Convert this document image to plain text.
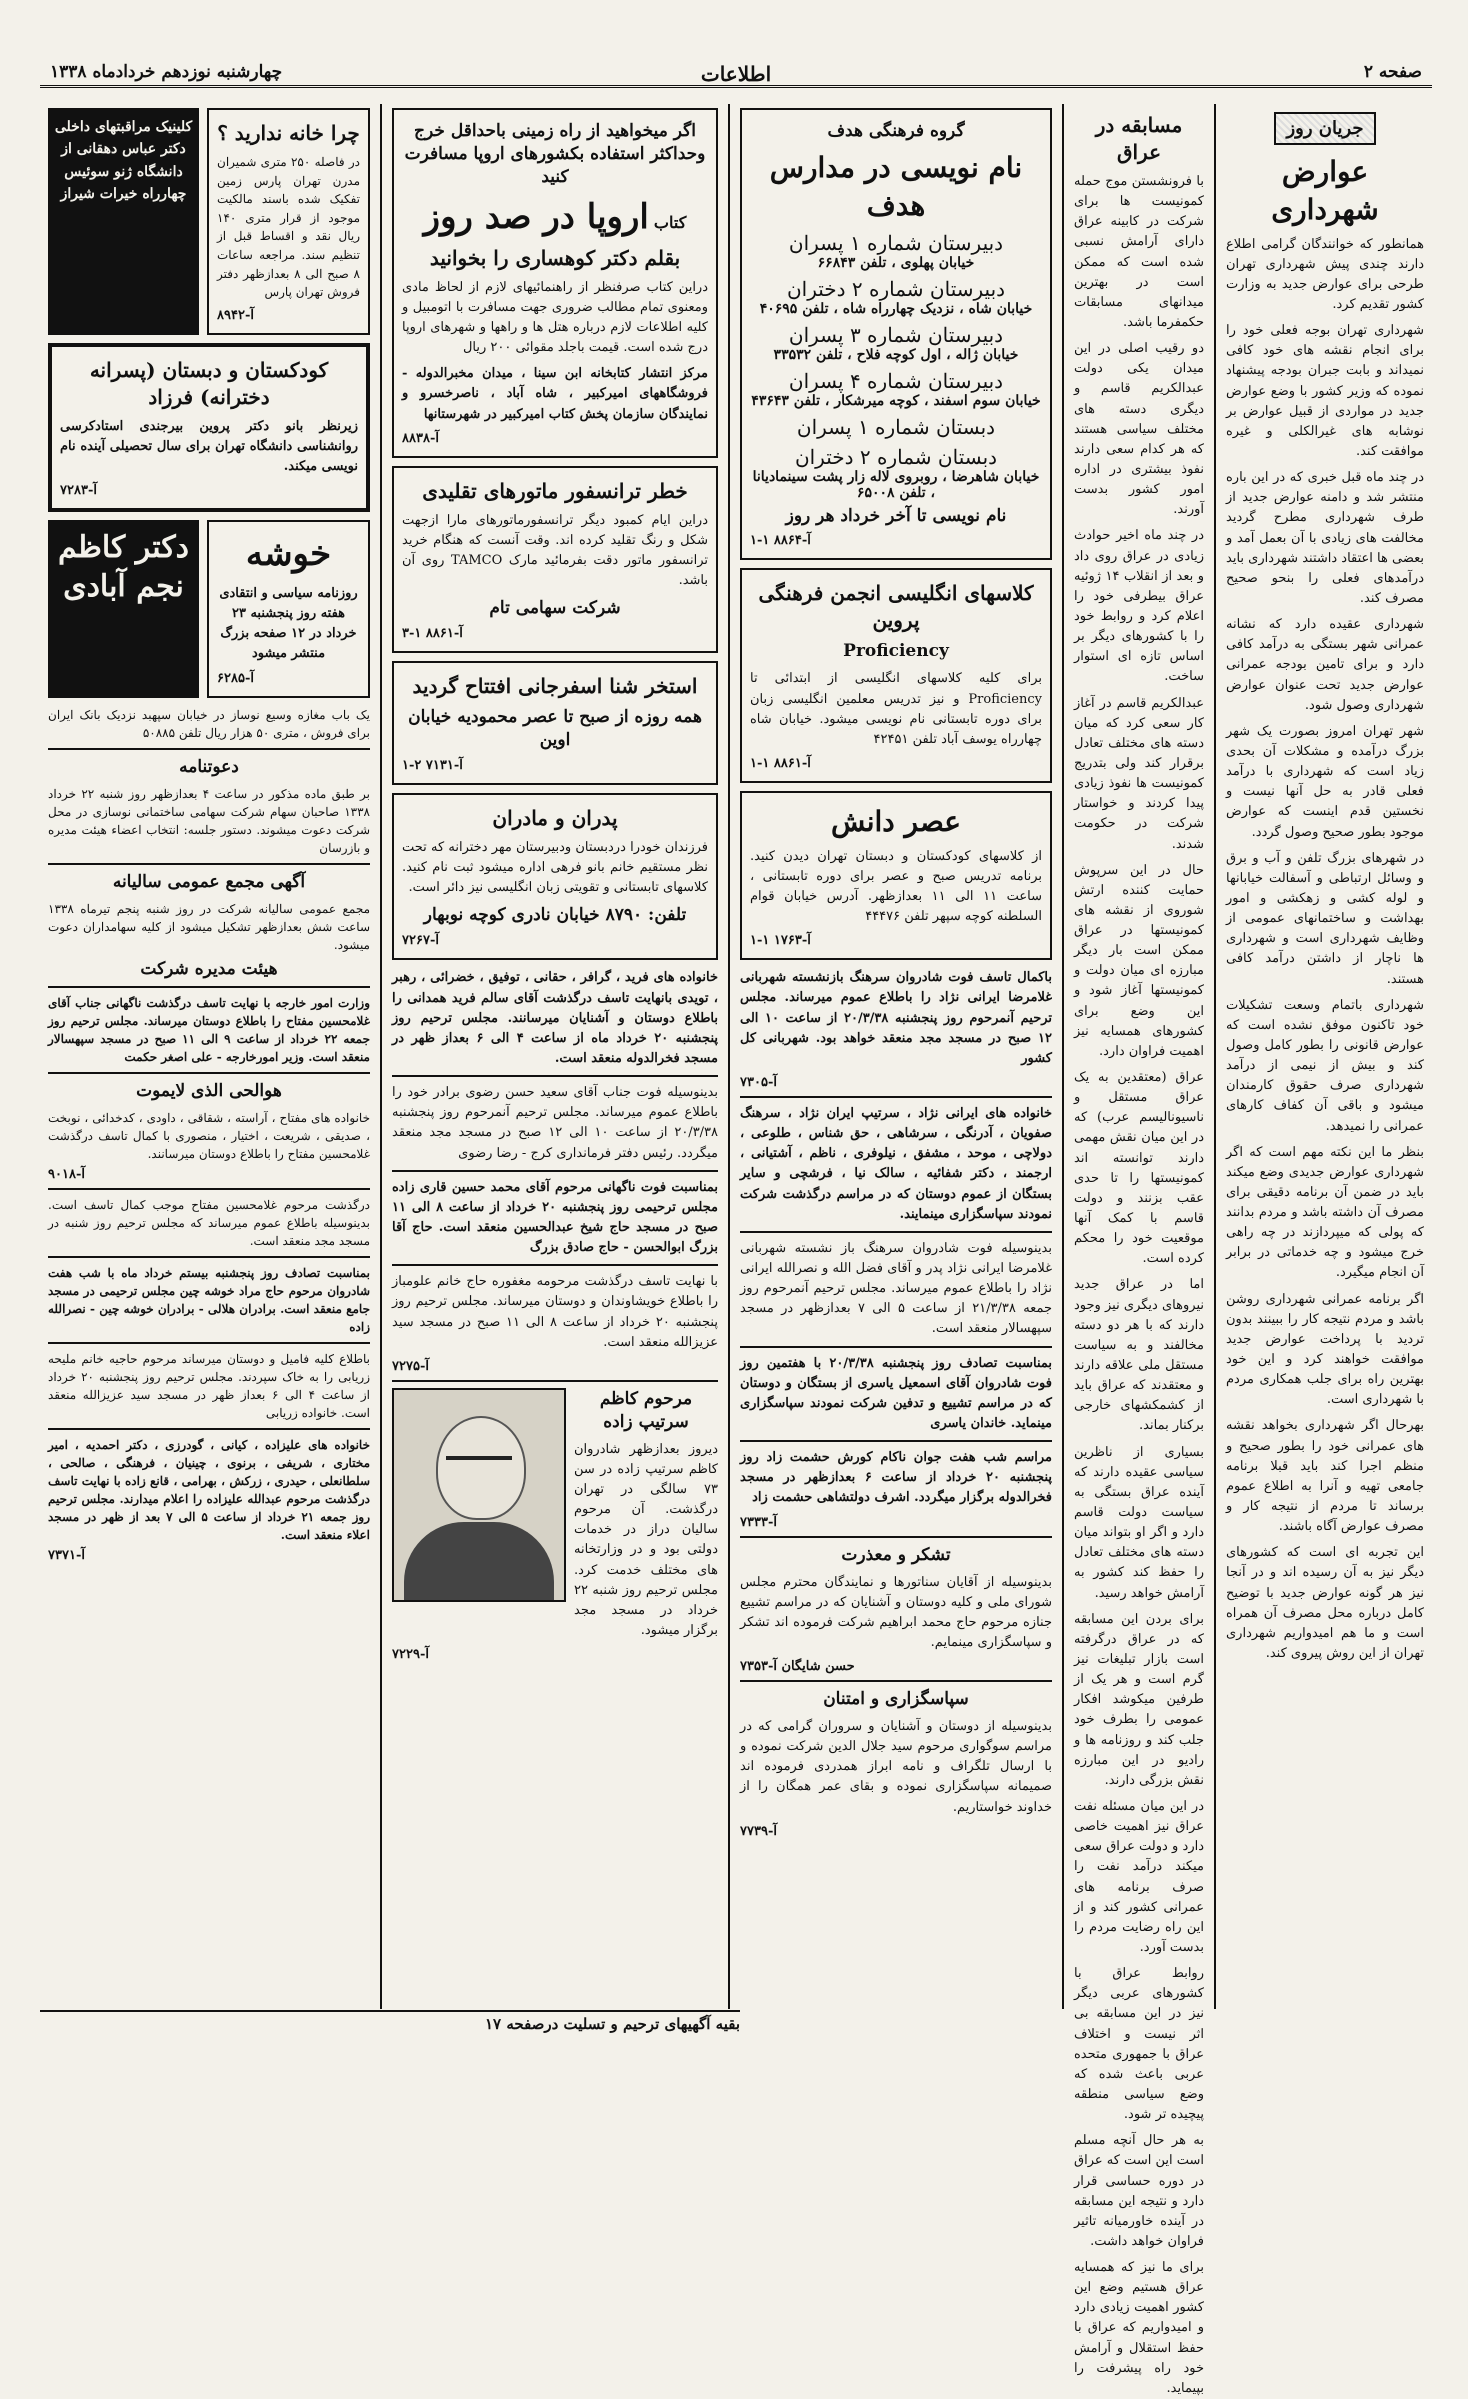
صفحه ۲
اطلاعات
چهارشنبه نوزدهم خردادماه ۱۳۳۸
جریان روز
عوارض شهرداری

همانطور که خوانندگان گرامی اطلاع دارند چندی پیش شهرداری تهران طرحی برای عوارض جدید به وزارت کشور تقدیم کرد.

شهرداری تهران بوجه فعلی خود را برای انجام نقشه های خود کافی نمیداند و بابت جبران بودجه پیشنهاد نموده که وزیر کشور با وضع عوارض جدید در مواردی از قبیل عوارض بر نوشابه های غیرالکلی و غیره موافقت کند.

در چند ماه قبل خبری که در این باره منتشر شد و دامنه عوارض جدید از طرف شهرداری مطرح گردید مخالفت های زیادی با آن بعمل آمد و بعضی ها اعتقاد داشتند شهرداری باید درآمدهای فعلی را بنحو صحیح مصرف کند.

شهرداری عقیده دارد که نشانه عمرانی شهر بستگی به درآمد کافی دارد و برای تامین بودجه عمرانی عوارض جدید تحت عنوان عوارض شهرداری وصول شود.

شهر تهران امروز بصورت یک شهر بزرگ درآمده و مشکلات آن بحدی زیاد است که شهرداری با درآمد فعلی قادر به حل آنها نیست و نخستین قدم اینست که عوارض موجود بطور صحیح وصول گردد.

در شهرهای بزرگ تلفن و آب و برق و وسائل ارتباطی و آسفالت خیابانها و لوله کشی و زهکشی و امور بهداشت و ساختمانهای عمومی از وظایف شهرداری است و شهرداری ها ناچار از داشتن درآمد کافی هستند.

شهرداری باتمام وسعت تشکیلات خود تاکنون موفق نشده است که عوارض قانونی را بطور کامل وصول کند و بیش از نیمی از درآمد شهرداری صرف حقوق کارمندان میشود و باقی آن کفاف کارهای عمرانی را نمیدهد.

بنظر ما این نکته مهم است که اگر شهرداری عوارض جدیدی وضع میکند باید در ضمن آن برنامه دقیقی برای مصرف آن داشته باشد و مردم بدانند که پولی که میپردازند در چه راهی خرج میشود و چه خدماتی در برابر آن انجام میگیرد.

اگر برنامه عمرانی شهرداری روشن باشد و مردم نتیجه کار را ببینند بدون تردید با پرداخت عوارض جدید موافقت خواهند کرد و این خود بهترین راه برای جلب همکاری مردم با شهرداری است.

بهرحال اگر شهرداری بخواهد نقشه های عمرانی خود را بطور صحیح و منظم اجرا کند باید قبلا برنامه جامعی تهیه و آنرا به اطلاع عموم برساند تا مردم از نتیجه کار و مصرف عوارض آگاه باشند.

این تجربه ای است که کشورهای دیگر نیز به آن رسیده اند و در آنجا نیز هر گونه عوارض جدید با توضیح کامل درباره محل مصرف آن همراه است و ما هم امیدواریم شهرداری تهران از این روش پیروی کند.

مسابقه در عراق

با فرونشستن موج حمله کمونیست ها برای شرکت در کابینه عراق دارای آرامش نسبی شده است که ممکن است در بهترین میدانهای مسابقات حکمفرما باشد.

دو رقیب اصلی در این میدان یکی دولت عبدالکریم قاسم و دیگری دسته های مختلف سیاسی هستند که هر کدام سعی دارند نفوذ بیشتری در اداره امور کشور بدست آورند.

در چند ماه اخیر حوادث زیادی در عراق روی داد و بعد از انقلاب ۱۴ ژوئیه عراق بیطرفی خود را اعلام کرد و روابط خود را با کشورهای دیگر بر اساس تازه ای استوار ساخت.

عبدالکریم قاسم در آغاز کار سعی کرد که میان دسته های مختلف تعادل برقرار کند ولی بتدریج کمونیست ها نفوذ زیادی پیدا کردند و خواستار شرکت در حکومت شدند.

حال در این سرپوش حمایت کننده ارتش شوروی از نقشه های کمونیستها در عراق ممکن است بار دیگر مبارزه ای میان دولت و کمونیستها آغاز شود و این وضع برای کشورهای همسایه نیز اهمیت فراوان دارد.

عراق (معتقدین به یک عراق مستقل و ناسیونالیسم عرب) که در این میان نقش مهمی دارند توانسته اند کمونیستها را تا حدی عقب بزنند و دولت قاسم با کمک آنها موقعیت خود را محکم کرده است.

اما در عراق جدید نیروهای دیگری نیز وجود دارند که با هر دو دسته مخالفند و به سیاست مستقل ملی علاقه دارند و معتقدند که عراق باید از کشمکشهای خارجی برکنار بماند.

بسیاری از ناظرین سیاسی عقیده دارند که آینده عراق بستگی به سیاست دولت قاسم دارد و اگر او بتواند میان دسته های مختلف تعادل را حفظ کند کشور به آرامش خواهد رسید.

برای بردن این مسابقه که در عراق درگرفته است بازار تبلیغات نیز گرم است و هر یک از طرفین میکوشد افکار عمومی را بطرف خود جلب کند و روزنامه ها و رادیو در این مبارزه نقش بزرگی دارند.

در این میان مسئله نفت عراق نیز اهمیت خاصی دارد و دولت عراق سعی میکند درآمد نفت را صرف برنامه های عمرانی کشور کند و از این راه رضایت مردم را بدست آورد.

روابط عراق با کشورهای عربی دیگر نیز در این مسابقه بی اثر نیست و اختلاف عراق با جمهوری متحده عربی باعث شده که وضع سیاسی منطقه پیچیده تر شود.

به هر حال آنچه مسلم است این است که عراق در دوره حساسی قرار دارد و نتیجه این مسابقه در آینده خاورمیانه تاثیر فراوان خواهد داشت.

برای ما نیز که همسایه عراق هستیم وضع این کشور اهمیت زیادی دارد و امیدواریم که عراق با حفظ استقلال و آرامش خود راه پیشرفت را بپیماید.

گروه فرهنگی هدف
نام نویسی در مدارس هدف
دبیرستان شماره ۱ پسران
خیابان پهلوی ، تلفن ۶۶۸۴۳
دبیرستان شماره ۲ دختران
خیابان شاه ، نزدیک چهارراه شاه ، تلفن ۴۰۶۹۵
دبیرستان شماره ۳ پسران
خیابان ژاله ، اول کوچه فلاح ، تلفن ۳۳۵۳۲
دبیرستان شماره ۴ پسران
خیابان سوم اسفند ، کوچه میرشکار ، تلفن ۴۳۶۴۳
دبستان شماره ۱ پسران
دبستان شماره ۲ دختران
خیابان شاهرضا ، روبروی لاله زار پشت سینمادیانا ، تلفن ۶۵۰۰۸
نام نویسی تا آخر خرداد هر روز
آ-۸۸۶۴ ۱-۱
کلاسهای انگلیسی انجمن فرهنگی پروین
Proficiency

برای کلیه کلاسهای انگلیسی از ابتدائی تا Proficiency و نیز تدریس معلمین انگلیسی زبان برای دوره تابستانی نام نویسی میشود. خیابان شاه چهارراه یوسف آباد تلفن ۴۲۴۵۱

آ-۸۸۶۱ ۱-۱
عصر دانش

از کلاسهای کودکستان و دبستان تهران دیدن کنید. برنامه تدریس صبح و عصر برای دوره تابستانی ، ساعت ۱۱ الی ۱۱ بعدازظهر. آدرس خیابان قوام السلطنه کوچه سپهر تلفن ۴۴۴۷۶

آ-۱۷۶۳ ۱-۱

باکمال تاسف فوت شادروان سرهنگ بازنشسته شهربانی غلامرضا ایرانی نژاد را باطلاع عموم میرساند. مجلس ترحیم آنمرحوم روز پنجشنبه ۲۰/۳/۳۸ از ساعت ۱۰ الی ۱۲ صبح در مسجد مجد منعقد خواهد بود. شهربانی کل کشور

آ-۷۳۰۵

خانواده های ایرانی نژاد ، سرتیپ ایران نژاد ، سرهنگ صفویان ، آدرنگی ، سرشاهی ، حق شناس ، طلوعی ، دولاچی ، موحد ، مشفق ، نیلوفری ، ناظم ، آشتیانی ، ارجمند ، دکتر شفائیه ، سالک نیا ، فرشچی و سایر بستگان از عموم دوستان که در مراسم درگذشت شرکت نمودند سپاسگزاری مینمایند.

بدینوسیله فوت شادروان سرهنگ باز نشسته شهربانی غلامرضا ایرانی نژاد پدر و آقای فضل الله و نصرالله ایرانی نژاد را باطلاع عموم میرساند. مجلس ترحیم آنمرحوم روز جمعه ۲۱/۳/۳۸ از ساعت ۵ الی ۷ بعدازظهر در مسجد سپهسالار منعقد است.

بمناسبت تصادف روز پنجشنبه ۲۰/۳/۳۸ با هفتمین روز فوت شادروان آقای اسمعیل یاسری از بستگان و دوستان که در مراسم تشییع و تدفین شرکت نمودند سپاسگزاری مینماید. خاندان یاسری

مراسم شب هفت جوان ناکام کورش حشمت زاد روز پنجشنبه ۲۰ خرداد از ساعت ۶ بعدازظهر در مسجد فخرالدوله برگزار میگردد. اشرف دولتشاهی حشمت زاد

آ-۷۳۳۳
تشکر و معذرت

بدینوسیله از آقایان سناتورها و نمایندگان محترم مجلس شورای ملی و کلیه دوستان و آشنایان که در مراسم تشییع جنازه مرحوم حاج محمد ابراهیم شرکت فرموده اند تشکر و سپاسگزاری مینمایم.

حسن شایگان آ-۷۳۵۳
سپاسگزاری و امتنان

بدینوسیله از دوستان و آشنایان و سروران گرامی که در مراسم سوگواری مرحوم سید جلال الدین شرکت نموده و با ارسال تلگراف و نامه ابراز همدردی فرموده اند صمیمانه سپاسگزاری نموده و بقای عمر همگان را از خداوند خواستاریم.

آ-۷۷۳۹
اگر میخواهید از راه زمینی باحداقل خرج وحداکثر استفاده بکشورهای اروپا مسافرت کنید
کتاب اروپا در صد روز
بقلم دکتر کوهساری را بخوانید

دراین کتاب صرفنظر از راهنمائیهای لازم از لحاظ مادی ومعنوی تمام مطالب ضروری جهت مسافرت با اتومبیل و کلیه اطلاعات لازم درباره هتل ها و راهها و شهرهای اروپا درج شده است. قیمت باجلد مقوائی ۲۰۰ ریال

مرکز انتشار کتابخانه ابن سینا ، میدان مخبرالدوله - فروشگاههای امیرکبیر ، شاه آباد ، ناصرخسرو و نمایندگان سازمان پخش کتاب امیرکبیر در شهرستانها

آ-۸۸۳۸
خطر ترانسفور ماتورهای تقلیدی

دراین ایام کمبود دیگر ترانسفورماتورهای مارا ازجهت شکل و رنگ تقلید کرده اند. وقت آنست که هنگام خرید ترانسفور ماتور دقت بفرمائید مارک TAMCO روی آن باشد.

شرکت سهامی تام
آ-۸۸۶۱ ۱-۳
استخر شنا اسفرجانی افتتاح گردید
همه روزه از صبح تا عصر محمودیه خیابان اوین
آ-۷۱۳۱ ۲-۱
پدران و مادران

فرزندان خودرا دردبستان ودبیرستان مهر دخترانه که تحت نظر مستقیم خانم بانو فرهی اداره میشود ثبت نام کنید. کلاسهای تابستانی و تقویتی زبان انگلیسی نیز دائر است.

تلفن: ۸۷۹۰ خیابان نادری کوچه نوبهار
آ-۷۲۶۷

خانواده های فرید ، گرافر ، حقانی ، توفیق ، خضرائی ، رهبر ، تویدی بانهایت تاسف درگذشت آقای سالم فرید همدانی را باطلاع دوستان و آشنایان میرسانند. مجلس ترحیم روز پنجشنبه ۲۰ خرداد ماه از ساعت ۴ الی ۶ بعداز ظهر در مسجد فخرالدوله منعقد است.

بدینوسیله فوت جناب آقای سعید حسن رضوی برادر خود را باطلاع عموم میرساند. مجلس ترحیم آنمرحوم روز پنجشنبه ۲۰/۳/۳۸ از ساعت ۱۰ الی ۱۲ صبح در مسجد مجد منعقد میگردد. رئیس دفتر فرمانداری کرج - رضا رضوی

بمناسبت فوت ناگهانی مرحوم آقای محمد حسین قاری زاده مجلس ترحیمی روز پنجشنبه ۲۰ خرداد از ساعت ۸ الی ۱۱ صبح در مسجد حاج شیخ عبدالحسین منعقد است. حاج آقا بزرگ ابوالحسن - حاج صادق بزرگ

با نهایت تاسف درگذشت مرحومه مغفوره حاج خانم علومباز را باطلاع خویشاوندان و دوستان میرساند. مجلس ترحیم روز پنجشنبه ۲۰ خرداد از ساعت ۸ الی ۱۱ صبح در مسجد سید عزیزالله منعقد است.

آ-۷۲۷۵
مرحوم کاظم سرتیپ زاده

دیروز بعدازظهر شادروان کاظم سرتیپ زاده در سن ۷۳ سالگی در تهران درگذشت. آن مرحوم سالیان دراز در خدمات دولتی بود و در وزارتخانه های مختلف خدمت کرد. مجلس ترحیم روز شنبه ۲۲ خرداد در مسجد مجد برگزار میشود.

آ-۷۲۲۹
چرا خانه ندارید ؟

در فاصله ۲۵۰ متری شمیران مدرن تهران پارس زمین تفکیک شده باسند مالکیت موجود از قرار متری ۱۴۰ ریال نقد و اقساط قبل از تنظیم سند. مراجعه ساعات ۸ صبح الی ۸ بعدازظهر دفتر فروش تهران پارس

آ-۸۹۴۲
کلینیک مراقبتهای داخلی دکتر عباس دهقانی از دانشگاه ژنو سوئیس چهارراه خیرات شیراز
کودکستان و دبستان (پسرانه دخترانه) فرزاد

زیرنظر بانو دکتر پروین بیرجندی استادکرسی روانشناسی دانشگاه تهران برای سال تحصیلی آینده نام نویسی میکند.

آ-۷۲۸۳
خوشه

روزنامه سیاسی و انتقادی هفته روز پنجشنبه ۲۳ خرداد در ۱۲ صفحه بزرگ منتشر میشود

آ-۶۲۸۵
دکتر کاظم نجم آبادی

یک باب مغازه وسیع نوساز در خیابان سپهبد نزدیک بانک ایران برای فروش ، متری ۵۰ هزار ریال تلفن ۵۰۸۸۵

دعوتنامه

بر طبق ماده مذکور در ساعت ۴ بعدازظهر روز شنبه ۲۲ خرداد ۱۳۳۸ صاحبان سهام شرکت سهامی ساختمانی نوسازی در محل شرکت دعوت میشوند. دستور جلسه: انتخاب اعضاء هیئت مدیره و بازرسان

آگهی مجمع عمومی سالیانه

مجمع عمومی سالیانه شرکت در روز شنبه پنجم تیرماه ۱۳۳۸ ساعت شش بعدازظهر تشکیل میشود از کلیه سهامداران دعوت میشود.

هیئت مدیره شرکت

وزارت امور خارجه با نهایت تاسف درگذشت ناگهانی جناب آقای غلامحسین مفتاح را باطلاع دوستان میرساند. مجلس ترحیم روز جمعه ۲۲ خرداد از ساعت ۹ الی ۱۱ صبح در مسجد سپهسالار منعقد است. وزیر امورخارجه - علی اصغر حکمت

هوالحی الذی لایموت

خانواده های مفتاح ، آراسته ، شقاقی ، داودی ، کدخدائی ، نوبخت ، صدیقی ، شریعت ، اختیار ، منصوری با کمال تاسف درگذشت غلامحسین مفتاح را باطلاع دوستان میرسانند.

آ-۹۰۱۸

درگذشت مرحوم غلامحسین مفتاح موجب کمال تاسف است. بدینوسیله باطلاع عموم میرساند که مجلس ترحیم روز شنبه در مسجد مجد منعقد است.

بمناسبت تصادف روز پنجشنبه بیستم خرداد ماه با شب هفت شادروان مرحوم حاج مراد خوشه چین مجلس ترحیمی در مسجد جامع منعقد است. برادران هلالی - برادران خوشه چین - نصرالله زاده

باطلاع کلیه فامیل و دوستان میرساند مرحوم حاجیه خانم ملیحه زریابی را به خاک سپردند. مجلس ترحیم روز پنجشنبه ۲۰ خرداد از ساعت ۴ الی ۶ بعداز ظهر در مسجد سید عزیزالله منعقد است. خانواده زریابی

خانواده های علیزاده ، کیانی ، گودرزی ، دکتر احمدیه ، امیر مختاری ، شریفی ، برنوی ، چینیان ، فرهنگی ، صالحی ، سلطانعلی ، حیدری ، زرکش ، بهرامی ، قانع زاده با نهایت تاسف درگذشت مرحوم عبدالله علیزاده را اعلام میدارند. مجلس ترحیم روز جمعه ۲۱ خرداد از ساعت ۵ الی ۷ بعد از ظهر در مسجد اعلاء منعقد است.

آ-۷۳۷۱
بقیه آگهیهای ترحیم و تسلیت درصفحه ۱۷
